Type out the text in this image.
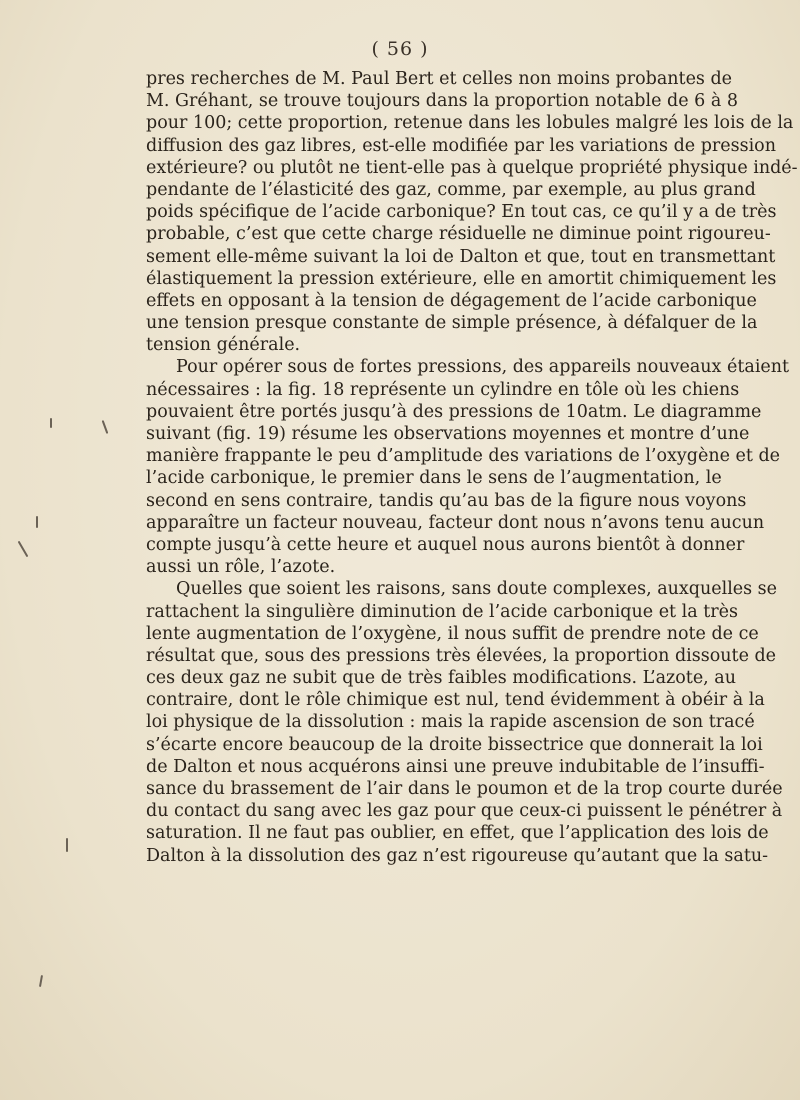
( 56 )
pres recherches de M. Paul Bert et celles non moins probantes de
M. Gréhant, se trouve toujours dans la proportion notable de 6 à 8
pour 100; cette proportion, retenue dans les lobules malgré les lois de la
diffusion des gaz libres, est-elle modifiée par les variations de pression
extérieure? ou plutôt ne tient-elle pas à quelque propriété physique indé-
pendante de l’élasticité des gaz, comme, par exemple, au plus grand
poids spécifique de l’acide carbonique? En tout cas, ce qu’il y a de très
probable, c’est que cette charge résiduelle ne diminue point rigoureu-
sement elle-même suivant la loi de Dalton et que, tout en transmettant
élastiquement la pression extérieure, elle en amortit chimiquement les
effets en opposant à la tension de dégagement de l’acide carbonique
une tension presque constante de simple présence, à défalquer de la
tension générale.
Pour opérer sous de fortes pressions, des appareils nouveaux étaient
nécessaires : la fig. 18 représente un cylindre en tôle où les chiens
pouvaient être portés jusqu’à des pressions de 10atm. Le diagramme
suivant (fig. 19) résume les observations moyennes et montre d’une
manière frappante le peu d’amplitude des variations de l’oxygène et de
l’acide carbonique, le premier dans le sens de l’augmentation, le
second en sens contraire, tandis qu’au bas de la figure nous voyons
apparaître un facteur nouveau, facteur dont nous n’avons tenu aucun
compte jusqu’à cette heure et auquel nous aurons bientôt à donner
aussi un rôle, l’azote.
Quelles que soient les raisons, sans doute complexes, auxquelles se
rattachent la singulière diminution de l’acide carbonique et la très
lente augmentation de l’oxygène, il nous suffit de prendre note de ce
résultat que, sous des pressions très élevées, la proportion dissoute de
ces deux gaz ne subit que de très faibles modifications. L’azote, au
contraire, dont le rôle chimique est nul, tend évidemment à obéir à la
loi physique de la dissolution : mais la rapide ascension de son tracé
s’écarte encore beaucoup de la droite bissectrice que donnerait la loi
de Dalton et nous acquérons ainsi une preuve indubitable de l’insuffi-
sance du brassement de l’air dans le poumon et de la trop courte durée
du contact du sang avec les gaz pour que ceux-ci puissent le pénétrer à
saturation. Il ne faut pas oublier, en effet, que l’application des lois de
Dalton à la dissolution des gaz n’est rigoureuse qu’autant que la satu-
